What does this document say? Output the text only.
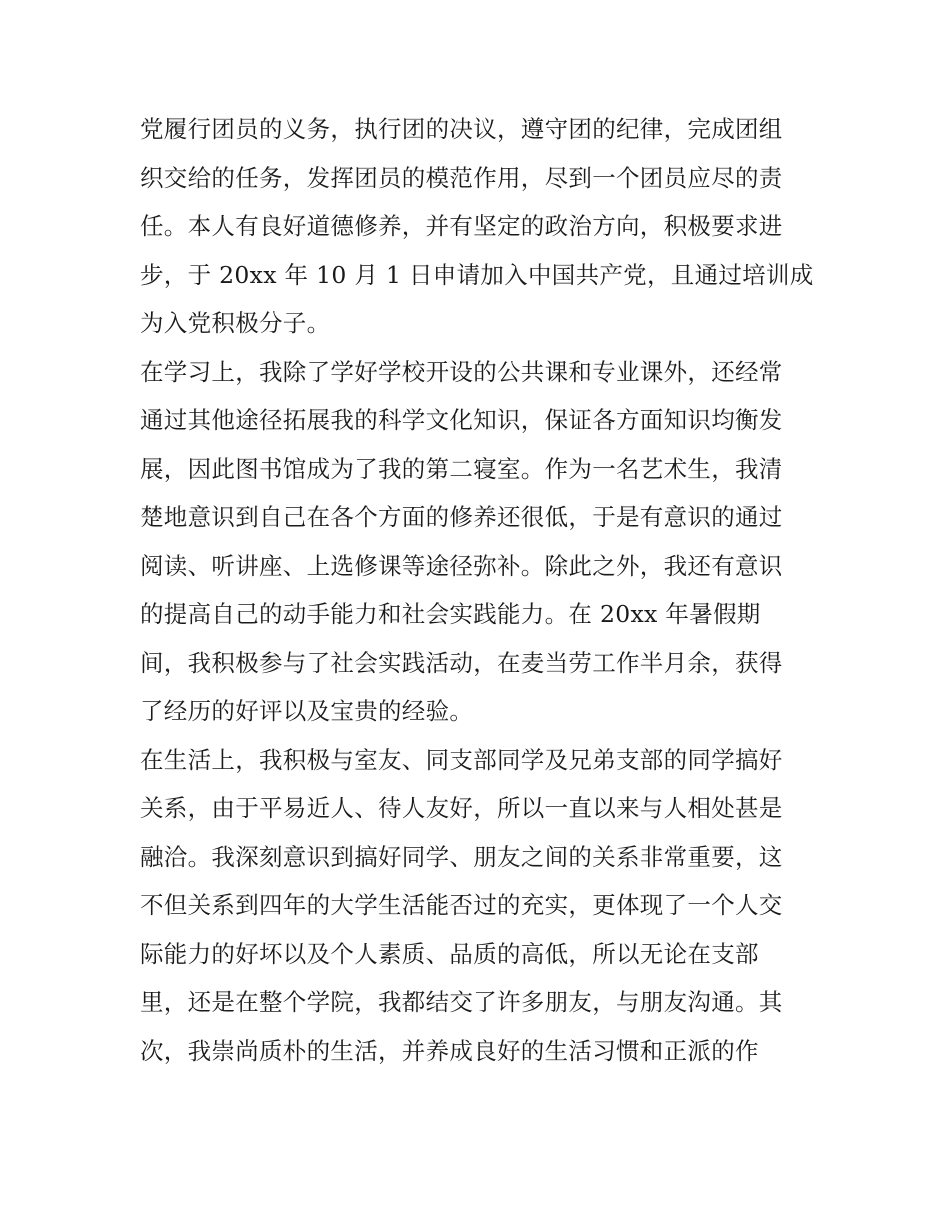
党履行团员的义务，执行团的决议，遵守团的纪律，完成团组
织交给的任务，发挥团员的模范作用，尽到一个团员应尽的责
任。本人有良好道德修养，并有坚定的政治方向，积极要求进
步，于 20xx 年 10 月 1 日申请加入中国共产党，且通过培训成
为入党积极分子。
在学习上，我除了学好学校开设的公共课和专业课外，还经常
通过其他途径拓展我的科学文化知识，保证各方面知识均衡发
展，因此图书馆成为了我的第二寝室。作为一名艺术生，我清
楚地意识到自己在各个方面的修养还很低，于是有意识的通过
阅读、听讲座、上选修课等途径弥补。除此之外，我还有意识
的提高自己的动手能力和社会实践能力。在 20xx 年暑假期
间，我积极参与了社会实践活动，在麦当劳工作半月余，获得
了经历的好评以及宝贵的经验。
在生活上，我积极与室友、同支部同学及兄弟支部的同学搞好
关系，由于平易近人、待人友好，所以一直以来与人相处甚是
融洽。我深刻意识到搞好同学、朋友之间的关系非常重要，这
不但关系到四年的大学生活能否过的充实，更体现了一个人交
际能力的好坏以及个人素质、品质的高低，所以无论在支部
里，还是在整个学院，我都结交了许多朋友，与朋友沟通。其
次，我崇尚质朴的生活，并养成良好的生活习惯和正派的作
